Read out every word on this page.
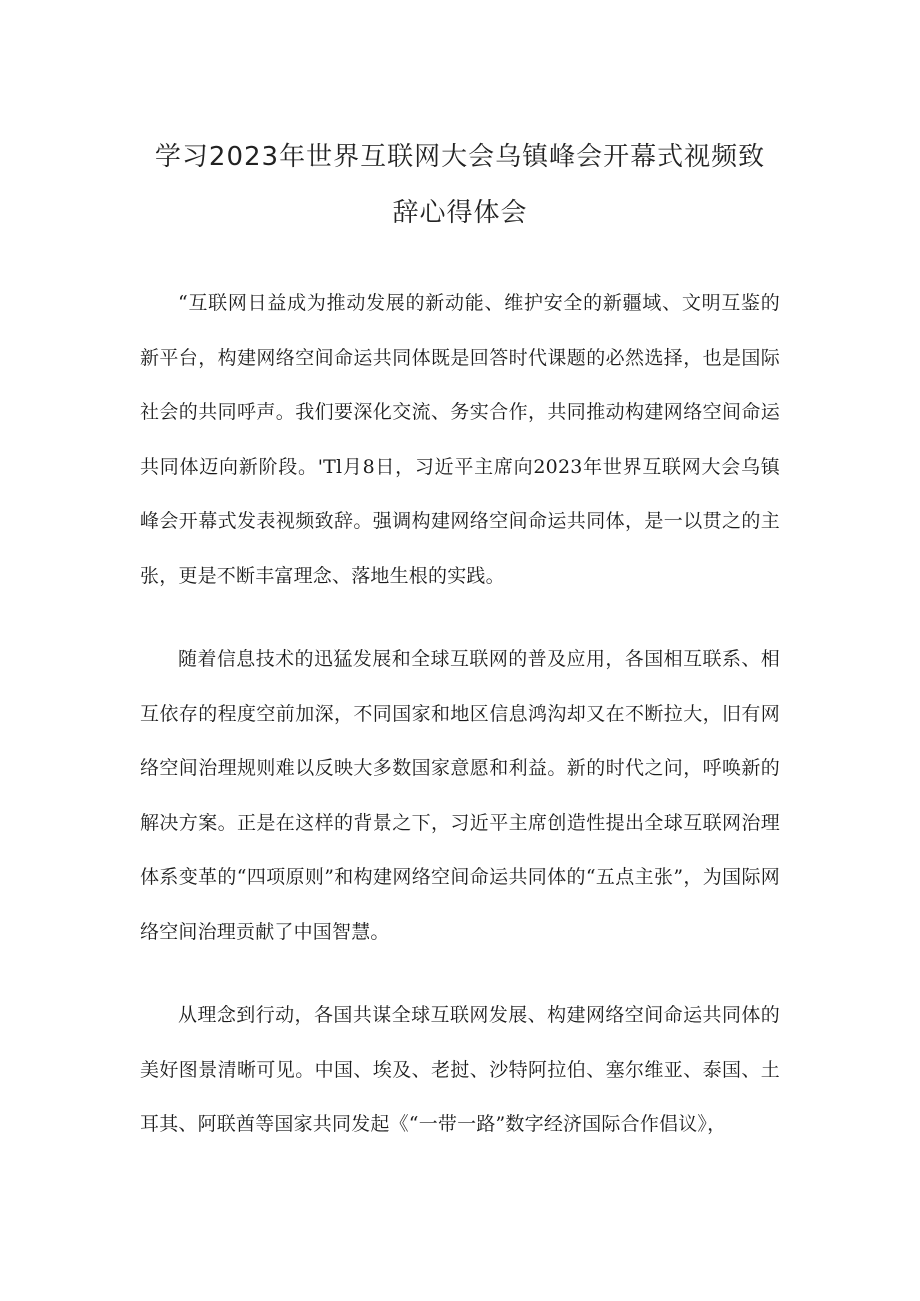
学习2023年世界互联网大会乌镇峰会开幕式视频致
辞心得体会
“互联网日益成为推动发展的新动能、维护安全的新疆域、文明互鉴的新平台，构建网络空间命运共同体既是回答时代课题的必然选择，也是国际社会的共同呼声。我们要深化交流、务实合作，共同推动构建网络空间命运共同体迈向新阶段。'Tl月8日，习近平主席向2023年世界互联网大会乌镇峰会开幕式发表视频致辞。强调构建网络空间命运共同体，是一以贯之的主张，更是不断丰富理念、落地生根的实践。
随着信息技术的迅猛发展和全球互联网的普及应用，各国相互联系、相互依存的程度空前加深，不同国家和地区信息鸿沟却又在不断拉大，旧有网络空间治理规则难以反映大多数国家意愿和利益。新的时代之问，呼唤新的解决方案。正是在这样的背景之下，习近平主席创造性提出全球互联网治理体系变革的“四项原则”和构建网络空间命运共同体的“五点主张”，为国际网络空间治理贡献了中国智慧。
从理念到行动，各国共谋全球互联网发展、构建网络空间命运共同体的美好图景清晰可见。中国、埃及、老挝、沙特阿拉伯、塞尔维亚、泰国、土耳其、阿联酋等国家共同发起《“一带一路”数字经济国际合作倡议》，
